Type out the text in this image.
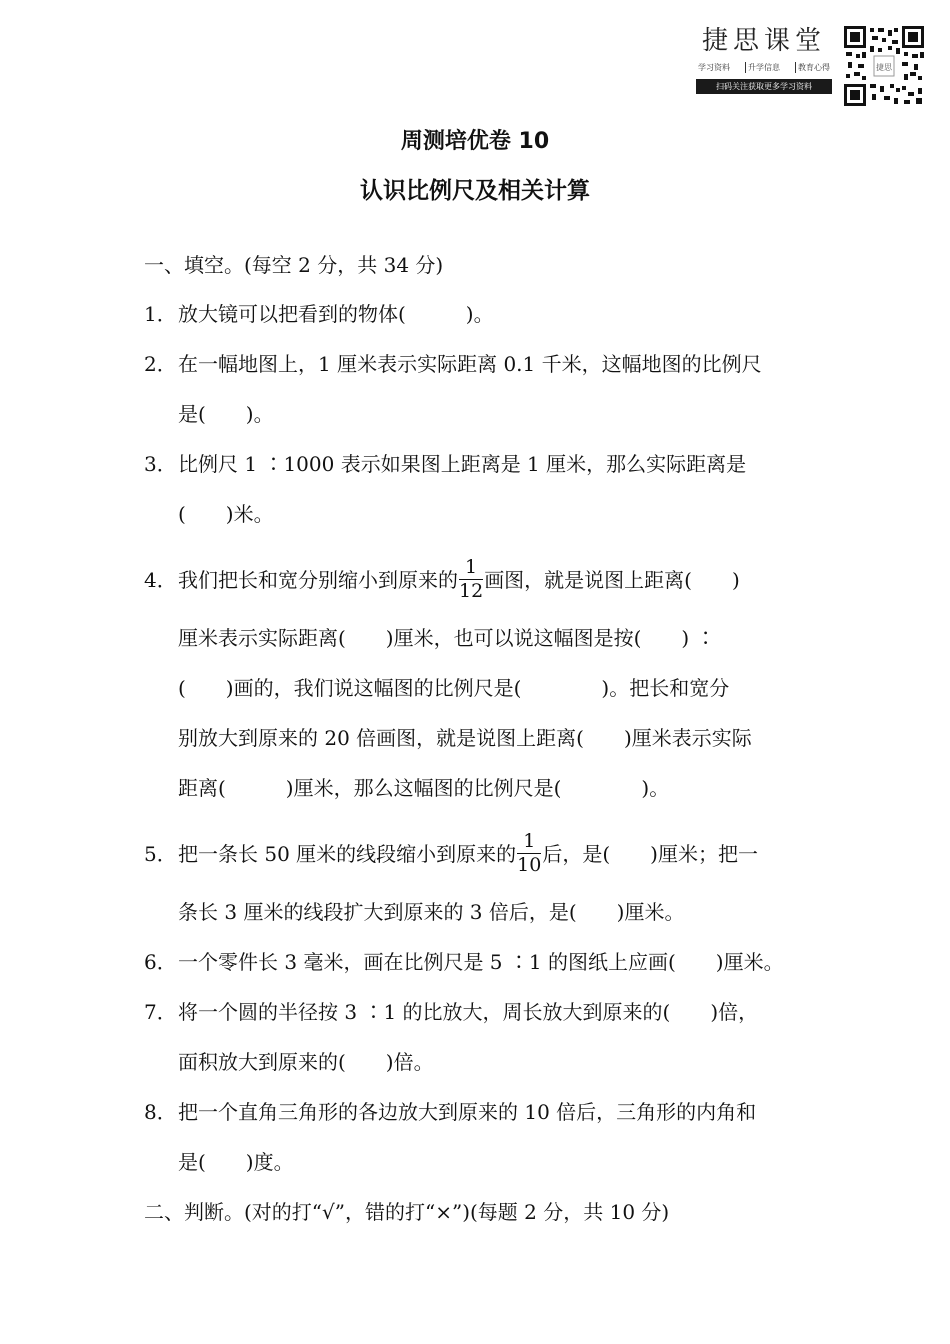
捷思课堂
学习资料	升学信息	教育心得
扫码关注获取更多学习资料
捷思
周测培优卷 10
认识比例尺及相关计算
一、填空。(每空 2 分，共 34 分)
1．放大镜可以把看到的物体(　　　)。
2．在一幅地图上，1 厘米表示实际距离 0.1 千米，这幅地图的比例尺
是(　　)。
3．比例尺 1 ∶1000 表示如果图上距离是 1 厘米，那么实际距离是
(　　)米。
4．我们把长和宽分别缩小到原来的 $\frac{1}{12}$ 画图，就是说图上距离(　　)
厘米表示实际距离(　　)厘米，也可以说这幅图是按(　　) ∶
(　　)画的，我们说这幅图的比例尺是(　　　　)。把长和宽分
别放大到原来的 20 倍画图，就是说图上距离(　　)厘米表示实际
距离(　　　)厘米，那么这幅图的比例尺是(　　　　)。
5．把一条长 50 厘米的线段缩小到原来的 $\frac{1}{10}$ 后，是(　　)厘米；把一
条长 3 厘米的线段扩大到原来的 3 倍后，是(　　)厘米。
6．一个零件长 3 毫米，画在比例尺是 5 ∶1 的图纸上应画(　　)厘米。
7．将一个圆的半径按 3 ∶1 的比放大，周长放大到原来的(　　)倍，
面积放大到原来的(　　)倍。
8．把一个直角三角形的各边放大到原来的 10 倍后，三角形的内角和
是(　　)度。
二、判断。(对的打“√”，错的打“×”)(每题 2 分，共 10 分)
